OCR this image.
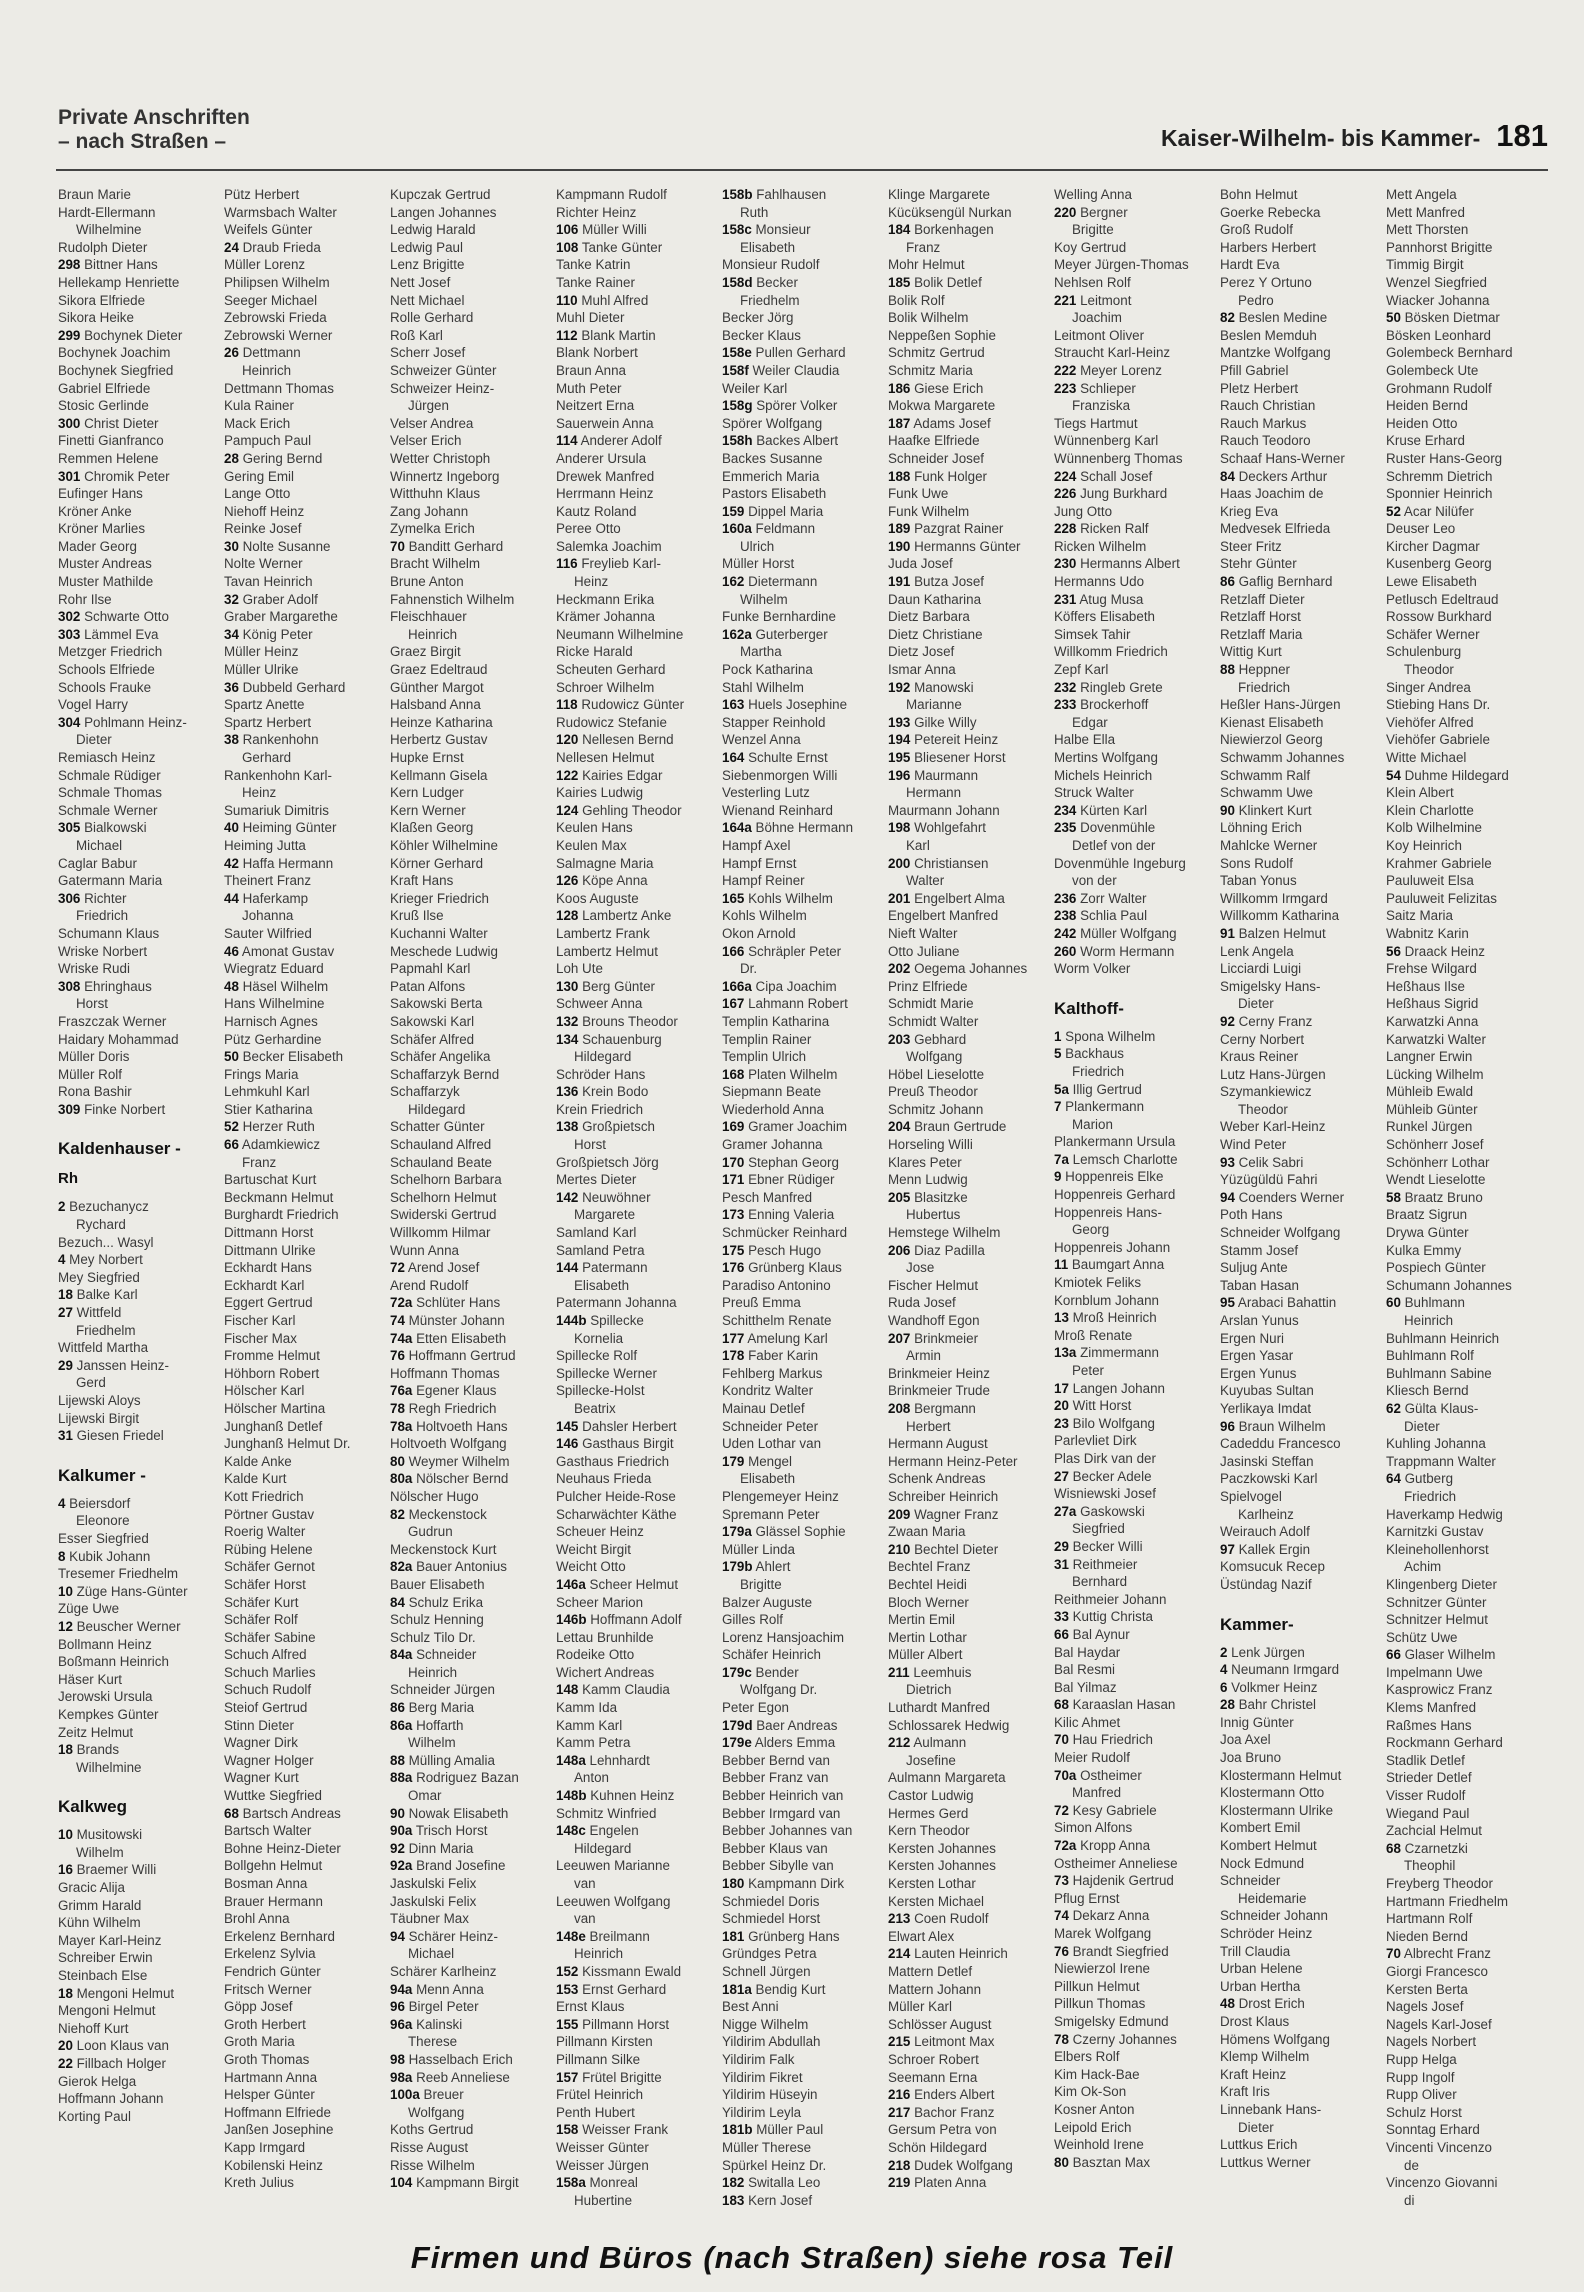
Private Anschriften
– nach Straßen –	Kaiser-Wilhelm- bis Kammer- 181
Braun Marie
Hardt-Ellermann
Wilhelmine
Rudolph Dieter
298 Bittner Hans
Hellekamp Henriette
Sikora Elfriede
Sikora Heike
299 Bochynek Dieter
Bochynek Joachim
Bochynek Siegfried
Gabriel Elfriede
Stosic Gerlinde
300 Christ Dieter
Finetti Gianfranco
Remmen Helene
301 Chromik Peter
Eufinger Hans
Kröner Anke
Kröner Marlies
Mader Georg
Muster Andreas
Muster Mathilde
Rohr Ilse
302 Schwarte Otto
303 Lämmel Eva
Metzger Friedrich
Schools Elfriede
Schools Frauke
Vogel Harry
304 Pohlmann Heinz-
Dieter
Remiasch Heinz
Schmale Rüdiger
Schmale Thomas
Schmale Werner
305 Bialkowski
Michael
Caglar Babur
Gatermann Maria
306 Richter
Friedrich
Schumann Klaus
Wriske Norbert
Wriske Rudi
308 Ehringhaus
Horst
Fraszczak Werner
Haidary Mohammad
Müller Doris
Müller Rolf
Rona Bashir
309 Finke Norbert
Kaldenhauser -
Rh
2 Bezuchanycz
Rychard
Bezuch... Wasyl
4 Mey Norbert
Mey Siegfried
18 Balke Karl
27 Wittfeld
Friedhelm
Wittfeld Martha
29 Janssen Heinz-
Gerd
Lijewski Aloys
Lijewski Birgit
31 Giesen Friedel
Kalkumer -
4 Beiersdorf
Eleonore
Esser Siegfried
8 Kubik Johann
Tresemer Friedhelm
10 Züge Hans-Günter
Züge Uwe
12 Beuscher Werner
Bollmann Heinz
Boßmann Heinrich
Häser Kurt
Jerowski Ursula
Kempkes Günter
Zeitz Helmut
18 Brands
Wilhelmine
Kalkweg
10 Musitowski
Wilhelm
16 Braemer Willi
Gracic Alija
Grimm Harald
Kühn Wilhelm
Mayer Karl-Heinz
Schreiber Erwin
Steinbach Else
18 Mengoni Helmut
Mengoni Helmut
Niehoff Kurt
20 Loon Klaus van
22 Fillbach Holger
Gierok Helga
Hoffmann Johann
Korting Paul
Pütz Herbert
Warmsbach Walter
Weifels Günter
24 Draub Frieda
Müller Lorenz
Philipsen Wilhelm
Seeger Michael
Zebrowski Frieda
Zebrowski Werner
26 Dettmann
Heinrich
Dettmann Thomas
Kula Rainer
Mack Erich
Pampuch Paul
28 Gering Bernd
Gering Emil
Lange Otto
Niehoff Heinz
Reinke Josef
30 Nolte Susanne
Nolte Werner
Tavan Heinrich
32 Graber Adolf
Graber Margarethe
34 König Peter
Müller Heinz
Müller Ulrike
36 Dubbeld Gerhard
Spartz Anette
Spartz Herbert
38 Rankenhohn
Gerhard
Rankenhohn Karl-
Heinz
Sumariuk Dimitris
40 Heiming Günter
Heiming Jutta
42 Haffa Hermann
Theinert Franz
44 Haferkamp
Johanna
Sauter Wilfried
46 Amonat Gustav
Wiegratz Eduard
48 Häsel Wilhelm
Hans Wilhelmine
Harnisch Agnes
Pütz Gerhardine
50 Becker Elisabeth
Frings Maria
Lehmkuhl Karl
Stier Katharina
52 Herzer Ruth
66 Adamkiewicz
Franz
Bartuschat Kurt
Beckmann Helmut
Burghardt Friedrich
Dittmann Horst
Dittmann Ulrike
Eckhardt Hans
Eckhardt Karl
Eggert Gertrud
Fischer Karl
Fischer Max
Fromme Helmut
Höhborn Robert
Hölscher Karl
Hölscher Martina
Junghanß Detlef
Junghanß Helmut Dr.
Kalde Anke
Kalde Kurt
Kott Friedrich
Pörtner Gustav
Roerig Walter
Rübing Helene
Schäfer Gernot
Schäfer Horst
Schäfer Kurt
Schäfer Rolf
Schäfer Sabine
Schuch Alfred
Schuch Marlies
Schuch Rudolf
Steiof Gertrud
Stinn Dieter
Wagner Dirk
Wagner Holger
Wagner Kurt
Wuttke Siegfried
68 Bartsch Andreas
Bartsch Walter
Bohne Heinz-Dieter
Bollgehn Helmut
Bosman Anna
Brauer Hermann
Brohl Anna
Erkelenz Bernhard
Erkelenz Sylvia
Fendrich Günter
Fritsch Werner
Göpp Josef
Groth Herbert
Groth Maria
Groth Thomas
Hartmann Anna
Helsper Günter
Hoffmann Elfriede
Janßen Josephine
Kapp Irmgard
Kobilenski Heinz
Kreth Julius
Kupczak Gertrud
Langen Johannes
Ledwig Harald
Ledwig Paul
Lenz Brigitte
Nett Josef
Nett Michael
Rolle Gerhard
Roß Karl
Scherr Josef
Schweizer Günter
Schweizer Heinz-
Jürgen
Velser Andrea
Velser Erich
Wetter Christoph
Winnertz Ingeborg
Witthuhn Klaus
Zang Johann
Zymelka Erich
70 Banditt Gerhard
Bracht Wilhelm
Brune Anton
Fahnenstich Wilhelm
Fleischhauer
Heinrich
Graez Birgit
Graez Edeltraud
Günther Margot
Halsband Anna
Heinze Katharina
Herbertz Gustav
Hupke Ernst
Kellmann Gisela
Kern Ludger
Kern Werner
Klaßen Georg
Köhler Wilhelmine
Körner Gerhard
Kraft Hans
Krieger Friedrich
Kruß Ilse
Kuchanni Walter
Meschede Ludwig
Papmahl Karl
Patan Alfons
Sakowski Berta
Sakowski Karl
Schäfer Alfred
Schäfer Angelika
Schaffarzyk Bernd
Schaffarzyk
Hildegard
Schatter Günter
Schauland Alfred
Schauland Beate
Schelhorn Barbara
Schelhorn Helmut
Swiderski Gertrud
Willkomm Hilmar
Wunn Anna
72 Arend Josef
Arend Rudolf
72a Schlüter Hans
74 Münster Johann
74a Etten Elisabeth
76 Hoffmann Gertrud
Hoffmann Thomas
76a Egener Klaus
78 Regh Friedrich
78a Holtvoeth Hans
Holtvoeth Wolfgang
80 Weymer Wilhelm
80a Nölscher Bernd
Nölscher Hugo
82 Meckenstock
Gudrun
Meckenstock Kurt
82a Bauer Antonius
Bauer Elisabeth
84 Schulz Erika
Schulz Henning
Schulz Tilo Dr.
84a Schneider
Heinrich
Schneider Jürgen
86 Berg Maria
86a Hoffarth
Wilhelm
88 Mülling Amalia
88a Rodriguez Bazan
Omar
90 Nowak Elisabeth
90a Trisch Horst
92 Dinn Maria
92a Brand Josefine
Jaskulski Felix
Jaskulski Felix
Täubner Max
94 Schärer Heinz-
Michael
Schärer Karlheinz
94a Menn Anna
96 Birgel Peter
96a Kalinski
Therese
98 Hasselbach Erich
98a Reeb Anneliese
100a Breuer
Wolfgang
Koths Gertrud
Risse August
Risse Wilhelm
104 Kampmann Birgit
Kampmann Rudolf
Richter Heinz
106 Müller Willi
108 Tanke Günter
Tanke Katrin
Tanke Rainer
110 Muhl Alfred
Muhl Dieter
112 Blank Martin
Blank Norbert
Braun Anna
Muth Peter
Neitzert Erna
Sauerwein Anna
114 Anderer Adolf
Anderer Ursula
Drewek Manfred
Herrmann Heinz
Kautz Roland
Peree Otto
Salemka Joachim
116 Freylieb Karl-
Heinz
Heckmann Erika
Krämer Johanna
Neumann Wilhelmine
Ricke Harald
Scheuten Gerhard
Schroer Wilhelm
118 Rudowicz Günter
Rudowicz Stefanie
120 Nellesen Bernd
Nellesen Helmut
122 Kairies Edgar
Kairies Ludwig
124 Gehling Theodor
Keulen Hans
Keulen Max
Salmagne Maria
126 Köpe Anna
Koos Auguste
128 Lambertz Anke
Lambertz Frank
Lambertz Helmut
Loh Ute
130 Berg Günter
Schweer Anna
132 Brouns Theodor
134 Schauenburg
Hildegard
Schröder Hans
136 Krein Bodo
Krein Friedrich
138 Großpietsch
Horst
Großpietsch Jörg
Mertes Dieter
142 Neuwöhner
Margarete
Samland Karl
Samland Petra
144 Patermann
Elisabeth
Patermann Johanna
144b Spillecke
Kornelia
Spillecke Rolf
Spillecke Werner
Spillecke-Holst
Beatrix
145 Dahsler Herbert
146 Gasthaus Birgit
Gasthaus Friedrich
Neuhaus Frieda
Pulcher Heide-Rose
Scharwächter Käthe
Scheuer Heinz
Weicht Birgit
Weicht Otto
146a Scheer Helmut
Scheer Marion
146b Hoffmann Adolf
Lettau Brunhilde
Rodeike Otto
Wichert Andreas
148 Kamm Claudia
Kamm Ida
Kamm Karl
Kamm Petra
148a Lehnhardt
Anton
148b Kuhnen Heinz
Schmitz Winfried
148c Engelen
Hildegard
Leeuwen Marianne
van
Leeuwen Wolfgang
van
148e Breilmann
Heinrich
152 Kissmann Ewald
153 Ernst Gerhard
Ernst Klaus
155 Pillmann Horst
Pillmann Kirsten
Pillmann Silke
157 Frütel Brigitte
Frütel Heinrich
Penth Hubert
158 Weisser Frank
Weisser Günter
Weisser Jürgen
158a Monreal
Hubertine
158b Fahlhausen
Ruth
158c Monsieur
Elisabeth
Monsieur Rudolf
158d Becker
Friedhelm
Becker Jörg
Becker Klaus
158e Pullen Gerhard
158f Weiler Claudia
Weiler Karl
158g Spörer Volker
Spörer Wolfgang
158h Backes Albert
Backes Susanne
Emmerich Maria
Pastors Elisabeth
159 Dippel Maria
160a Feldmann
Ulrich
Müller Horst
162 Dietermann
Wilhelm
Funke Bernhardine
162a Guterberger
Martha
Pock Katharina
Stahl Wilhelm
163 Huels Josephine
Stapper Reinhold
Wenzel Anna
164 Schulte Ernst
Siebenmorgen Willi
Vesterling Lutz
Wienand Reinhard
164a Böhne Hermann
Hampf Axel
Hampf Ernst
Hampf Reiner
165 Kohls Wilhelm
Kohls Wilhelm
Okon Arnold
166 Schräpler Peter
Dr.
166a Cipa Joachim
167 Lahmann Robert
Templin Katharina
Templin Rainer
Templin Ulrich
168 Platen Wilhelm
Siepmann Beate
Wiederhold Anna
169 Gramer Joachim
Gramer Johanna
170 Stephan Georg
171 Ebner Rüdiger
Pesch Manfred
173 Enning Valeria
Schmücker Reinhard
175 Pesch Hugo
176 Grünberg Klaus
Paradiso Antonino
Preuß Emma
Schitthelm Renate
177 Amelung Karl
178 Faber Karin
Fehlberg Markus
Kondritz Walter
Mainau Detlef
Schneider Peter
Uden Lothar van
179 Mengel
Elisabeth
Plengemeyer Heinz
Spremann Peter
179a Glässel Sophie
Müller Linda
179b Ahlert
Brigitte
Balzer Auguste
Gilles Rolf
Lorenz Hansjoachim
Schäfer Heinrich
179c Bender
Wolfgang Dr.
Peter Egon
179d Baer Andreas
179e Alders Emma
Bebber Bernd van
Bebber Franz van
Bebber Heinrich van
Bebber Irmgard van
Bebber Johannes van
Bebber Klaus van
Bebber Sibylle van
180 Kampmann Dirk
Schmiedel Doris
Schmiedel Horst
181 Grünberg Hans
Gründges Petra
Schnell Jürgen
181a Bendig Kurt
Best Anni
Nigge Wilhelm
Yildirim Abdullah
Yildirim Falk
Yildirim Fikret
Yildirim Hüseyin
Yildirim Leyla
181b Müller Paul
Müller Therese
Spürkel Heinz Dr.
182 Switalla Leo
183 Kern Josef
Klinge Margarete
Kücüksengül Nurkan
184 Borkenhagen
Franz
Mohr Helmut
185 Bolik Detlef
Bolik Rolf
Bolik Wilhelm
Neppeßen Sophie
Schmitz Gertrud
Schmitz Maria
186 Giese Erich
Mokwa Margarete
187 Adams Josef
Haafke Elfriede
Schneider Josef
188 Funk Holger
Funk Uwe
Funk Wilhelm
189 Pazgrat Rainer
190 Hermanns Günter
Juda Josef
191 Butza Josef
Daun Katharina
Dietz Barbara
Dietz Christiane
Dietz Josef
Ismar Anna
192 Manowski
Marianne
193 Gilke Willy
194 Petereit Heinz
195 Bliesener Horst
196 Maurmann
Hermann
Maurmann Johann
198 Wohlgefahrt
Karl
200 Christiansen
Walter
201 Engelbert Alma
Engelbert Manfred
Nieft Walter
Otto Juliane
202 Oegema Johannes
Prinz Elfriede
Schmidt Marie
Schmidt Walter
203 Gebhard
Wolfgang
Höbel Lieselotte
Preuß Theodor
Schmitz Johann
204 Braun Gertrude
Horseling Willi
Klares Peter
Menn Ludwig
205 Blasitzke
Hubertus
Hemstege Wilhelm
206 Diaz Padilla
Jose
Fischer Helmut
Ruda Josef
Wandhoff Egon
207 Brinkmeier
Armin
Brinkmeier Heinz
Brinkmeier Trude
208 Bergmann
Herbert
Hermann August
Hermann Heinz-Peter
Schenk Andreas
Schreiber Heinrich
209 Wagner Franz
Zwaan Maria
210 Bechtel Dieter
Bechtel Franz
Bechtel Heidi
Bloch Werner
Mertin Emil
Mertin Lothar
Müller Albert
211 Leemhuis
Dietrich
Luthardt Manfred
Schlossarek Hedwig
212 Aulmann
Josefine
Aulmann Margareta
Castor Ludwig
Hermes Gerd
Kern Theodor
Kersten Johannes
Kersten Johannes
Kersten Lothar
Kersten Michael
213 Coen Rudolf
Elwart Alex
214 Lauten Heinrich
Mattern Detlef
Mattern Johann
Müller Karl
Schlösser August
215 Leitmont Max
Schroer Robert
Seemann Erna
216 Enders Albert
217 Bachor Franz
Gersum Petra von
Schön Hildegard
218 Dudek Wolfgang
219 Platen Anna
Welling Anna
220 Bergner
Brigitte
Koy Gertrud
Meyer Jürgen-Thomas
Nehlsen Rolf
221 Leitmont
Joachim
Leitmont Oliver
Straucht Karl-Heinz
222 Meyer Lorenz
223 Schlieper
Franziska
Tiegs Hartmut
Wünnenberg Karl
Wünnenberg Thomas
224 Schall Josef
226 Jung Burkhard
Jung Otto
228 Ricken Ralf
Ricken Wilhelm
230 Hermanns Albert
Hermanns Udo
231 Atug Musa
Köffers Elisabeth
Simsek Tahir
Willkomm Friedrich
Zepf Karl
232 Ringleb Grete
233 Brockerhoff
Edgar
Halbe Ella
Mertins Wolfgang
Michels Heinrich
Struck Walter
234 Kürten Karl
235 Dovenmühle
Detlef von der
Dovenmühle Ingeburg
von der
236 Zorr Walter
238 Schlia Paul
242 Müller Wolfgang
260 Worm Hermann
Worm Volker
Kalthoff-
1 Spona Wilhelm
5 Backhaus
Friedrich
5a Illig Gertrud
7 Plankermann
Marion
Plankermann Ursula
7a Lemsch Charlotte
9 Hoppenreis Elke
Hoppenreis Gerhard
Hoppenreis Hans-
Georg
Hoppenreis Johann
11 Baumgart Anna
Kmiotek Feliks
Kornblum Johann
13 Mroß Heinrich
Mroß Renate
13a Zimmermann
Peter
17 Langen Johann
20 Witt Horst
23 Bilo Wolfgang
Parlevliet Dirk
Plas Dirk van der
27 Becker Adele
Wisniewski Josef
27a Gaskowski
Siegfried
29 Becker Willi
31 Reithmeier
Bernhard
Reithmeier Johann
33 Kuttig Christa
66 Bal Aynur
Bal Haydar
Bal Resmi
Bal Yilmaz
68 Karaaslan Hasan
Kilic Ahmet
70 Hau Friedrich
Meier Rudolf
70a Ostheimer
Manfred
72 Kesy Gabriele
Simon Alfons
72a Kropp Anna
Ostheimer Anneliese
73 Hajdenik Gertrud
Pflug Ernst
74 Dekarz Anna
Marek Wolfgang
76 Brandt Siegfried
Niewierzol Irene
Pillkun Helmut
Pillkun Thomas
Smigelsky Edmund
78 Czerny Johannes
Elbers Rolf
Kim Hack-Bae
Kim Ok-Son
Kosner Anton
Leipold Erich
Weinhold Irene
80 Basztan Max
Bohn Helmut
Goerke Rebecka
Groß Rudolf
Harbers Herbert
Hardt Eva
Perez Y Ortuno
Pedro
82 Beslen Medine
Beslen Memduh
Mantzke Wolfgang
Pfill Gabriel
Pletz Herbert
Rauch Christian
Rauch Markus
Rauch Teodoro
Schaaf Hans-Werner
84 Deckers Arthur
Haas Joachim de
Krieg Eva
Medvesek Elfrieda
Steer Fritz
Stehr Günter
86 Gaflig Bernhard
Retzlaff Dieter
Retzlaff Horst
Retzlaff Maria
Wittig Kurt
88 Heppner
Friedrich
Heßler Hans-Jürgen
Kienast Elisabeth
Niewierzol Georg
Schwamm Johannes
Schwamm Ralf
Schwamm Uwe
90 Klinkert Kurt
Löhning Erich
Mahlcke Werner
Sons Rudolf
Taban Yonus
Willkomm Irmgard
Willkomm Katharina
91 Balzen Helmut
Lenk Angela
Licciardi Luigi
Smigelsky Hans-
Dieter
92 Cerny Franz
Cerny Norbert
Kraus Reiner
Lutz Hans-Jürgen
Szymankiewicz
Theodor
Weber Karl-Heinz
Wind Peter
93 Celik Sabri
Yüzügüldü Fahri
94 Coenders Werner
Poth Hans
Schneider Wolfgang
Stamm Josef
Suljug Ante
Taban Hasan
95 Arabaci Bahattin
Arslan Yunus
Ergen Nuri
Ergen Yasar
Ergen Yunus
Kuyubas Sultan
Yerlikaya Imdat
96 Braun Wilhelm
Cadeddu Francesco
Jasinski Steffan
Paczkowski Karl
Spielvogel
Karlheinz
Weirauch Adolf
97 Kallek Ergin
Komsucuk Recep
Üstündag Nazif
Kammer-
2 Lenk Jürgen
4 Neumann Irmgard
6 Volkmer Heinz
28 Bahr Christel
Innig Günter
Joa Axel
Joa Bruno
Klostermann Helmut
Klostermann Otto
Klostermann Ulrike
Kombert Emil
Kombert Helmut
Nock Edmund
Schneider
Heidemarie
Schneider Johann
Schröder Heinz
Trill Claudia
Urban Helene
Urban Hertha
48 Drost Erich
Drost Klaus
Hömens Wolfgang
Klemp Wilhelm
Kraft Heinz
Kraft Iris
Linnebank Hans-
Dieter
Luttkus Erich
Luttkus Werner
Mett Angela
Mett Manfred
Mett Thorsten
Pannhorst Brigitte
Timmig Birgit
Wenzel Siegfried
Wiacker Johanna
50 Bösken Dietmar
Bösken Leonhard
Golembeck Bernhard
Golembeck Ute
Grohmann Rudolf
Heiden Bernd
Heiden Otto
Kruse Erhard
Ruster Hans-Georg
Schremm Dietrich
Sponnier Heinrich
52 Acar Nilüfer
Deuser Leo
Kircher Dagmar
Kusenberg Georg
Lewe Elisabeth
Petlusch Edeltraud
Rossow Burkhard
Schäfer Werner
Schulenburg
Theodor
Singer Andrea
Stiebing Hans Dr.
Viehöfer Alfred
Viehöfer Gabriele
Witte Michael
54 Duhme Hildegard
Klein Albert
Klein Charlotte
Kolb Wilhelmine
Koy Heinrich
Krahmer Gabriele
Pauluweit Elsa
Pauluweit Felizitas
Saitz Maria
Wabnitz Karin
56 Draack Heinz
Frehse Wilgard
Heßhaus Ilse
Heßhaus Sigrid
Karwatzki Anna
Karwatzki Walter
Langner Erwin
Lücking Wilhelm
Mühleib Ewald
Mühleib Günter
Runkel Jürgen
Schönherr Josef
Schönherr Lothar
Wendt Lieselotte
58 Braatz Bruno
Braatz Sigrun
Drywa Günter
Kulka Emmy
Pospiech Günter
Schumann Johannes
60 Buhlmann
Heinrich
Buhlmann Heinrich
Buhlmann Rolf
Buhlmann Sabine
Kliesch Bernd
62 Gülta Klaus-
Dieter
Kuhling Johanna
Trappmann Walter
64 Gutberg
Friedrich
Haverkamp Hedwig
Karnitzki Gustav
Kleinehollenhorst
Achim
Klingenberg Dieter
Schnitzer Günter
Schnitzer Helmut
Schütz Uwe
66 Glaser Wilhelm
Impelmann Uwe
Kasprowicz Franz
Klems Manfred
Raßmes Hans
Rockmann Gerhard
Stadlik Detlef
Strieder Detlef
Visser Rudolf
Wiegand Paul
Zachcial Helmut
68 Czarnetzki
Theophil
Freyberg Theodor
Hartmann Friedhelm
Hartmann Rolf
Nieden Bernd
70 Albrecht Franz
Giorgi Francesco
Kersten Berta
Nagels Josef
Nagels Karl-Josef
Nagels Norbert
Rupp Helga
Rupp Ingolf
Rupp Oliver
Schulz Horst
Sonntag Erhard
Vincenti Vincenzo
de
Vincenzo Giovanni
di
Firmen und Büros (nach Straßen) siehe rosa Teil
